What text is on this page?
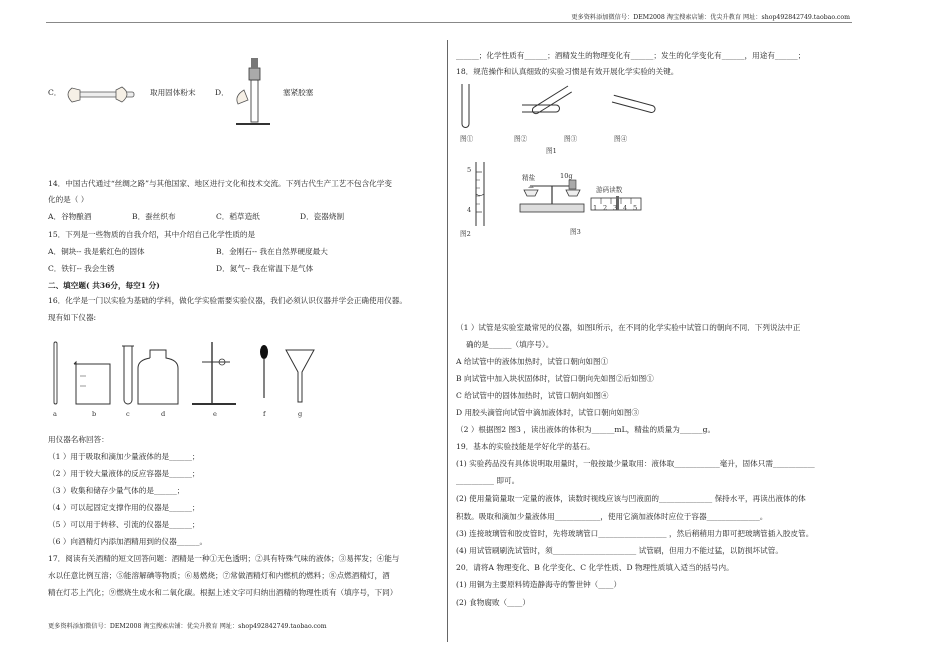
更多资料添加微信号：DEM2008 淘宝搜索店铺：优尖升教育 网址：shop492842749.taobao.com
C．	取用固体粉末	D．	塞紧胶塞
14．中国古代通过“丝绸之路”与其他国家、地区进行文化和技术交流。下列古代生产工艺不包含化学变
化的是（ ）
A．谷物酿酒	B．蚕丝织布	C．稻草造纸	D．瓷器烧制
15．下列是一些物质的自我介绍，其中介绍自己化学性质的是
A．铜块-- 我是紫红色的固体	B．金刚石-- 我在自然界硬度最大
C．铁钉-- 我会生锈	D．氮气-- 我在常温下是气体
二、填空题( 共36分，每空1 分)
16．化学是一门以实验为基础的学科，做化学实验需要实验仪器，我们必须认识仪器并学会正确使用仪器。
现有如下仪器:
a	b	c	d	e	f	g
用仪器名称回答：
（1 ）用于吸取和滴加少量液体的是______；
（2 ）用于较大量液体的反应容器是______；
（3 ）收集和储存少量气体的是______；
（4 ）可以起固定支撑作用的仪器是______；
（5 ）可以用于转移、引流的仪器是______；
（6 ）向酒精灯内添加酒精用到的仪器______。
17．阅读有关酒精的短文回答问题：酒精是一种①无色透明；②具有特殊气味的液体；③易挥发；④能与
水以任意比例互溶；⑤能溶解碘等物质；⑥易燃烧；⑦常做酒精灯和内燃机的燃料；⑧点燃酒精灯，酒
精在灯芯上汽化；⑨燃烧生成水和二氧化碳。根据上述文字可归纳出酒精的物理性质有（填序号，下同）
更多资料添加微信号：DEM2008 淘宝搜索店铺：优尖升教育 网址：shop492842749.taobao.com
______；化学性质有______；酒精发生的物理变化有______；发生的化学变化有______，用途有______；
18．规范操作和认真细致的实验习惯是有效开展化学实验的关键。
图①	图②	图③	图④
图1
5
4
图2
精盐	10g
游码读数
1 2 3 4 5
图3
（1 ）试管是实验室最常见的仪器，如图Ⅰ所示，在不同的化学实验中试管口的朝向不同．下列说法中正
确的是______（填序号）。
A 给试管中的液体加热时，试管口朝向如图①
B 向试管中加入块状固体时，试管口朝向先如图②后如图①
C 给试管中的固体加热时，试管口朝向如图④
D 用胶头滴管向试管中滴加液体时，试管口朝向如图③
（2 ）根据图2 图3 ，读出液体的体积为______mL，精盐的质量为______g。
19．基本的实验技能是学好化学的基石。
(1) 实验药品没有具体说明取用量时，一般按最少量取用：液体取____________毫升，固体只需___________
__________ 即可。
(2) 使用量筒量取一定量的液体，读数时视线应该与凹液面的______________ 保持水平，再读出液体的体
积数。吸取和滴加少量液体用____________，使用它滴加液体时应位于容器______________。
(3) 连接玻璃管和胶皮管时，先将玻璃管口__________________ ，然后稍稍用力即可把玻璃管插入胶皮管。
(4) 用试管刷刷洗试管时，须______________________ 试管刷，但用力不能过猛，以防损坏试管。
20．请将A 物理变化、B 化学变化、C 化学性质、D 物理性质填入适当的括号内。
(1) 用铜为主要原料铸造静海寺的警世钟（____）
(2) 食物腐败（____）
